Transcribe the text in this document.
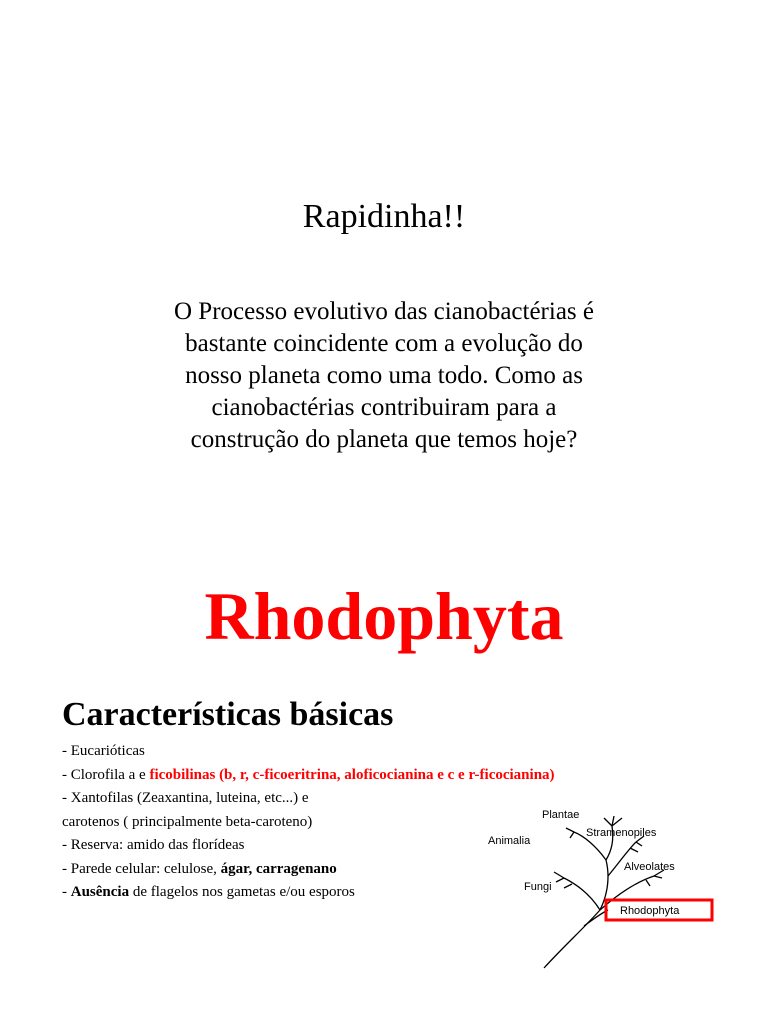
Rapidinha!!
O Processo evolutivo das cianobactérias é
bastante coincidente com a evolução do
nosso planeta como uma todo. Como as
cianobactérias contribuiram para a
construção do planeta que temos hoje?
Rhodophyta
Características básicas
- Eucarióticas
- Clorofila a e ficobilinas (b, r, c-ficoeritrina, aloficocianina e c e r-ficocianina)
- Xantofilas (Zeaxantina, luteina, etc...) e
carotenos ( principalmente beta-caroteno)
- Reserva: amido das florídeas
- Parede celular: celulose, ágar, carragenano
- Ausência de flagelos nos gametas e/ou esporos
Plantae
Animalia
Stramenopiles
Alveolates
Fungi
Rhodophyta
